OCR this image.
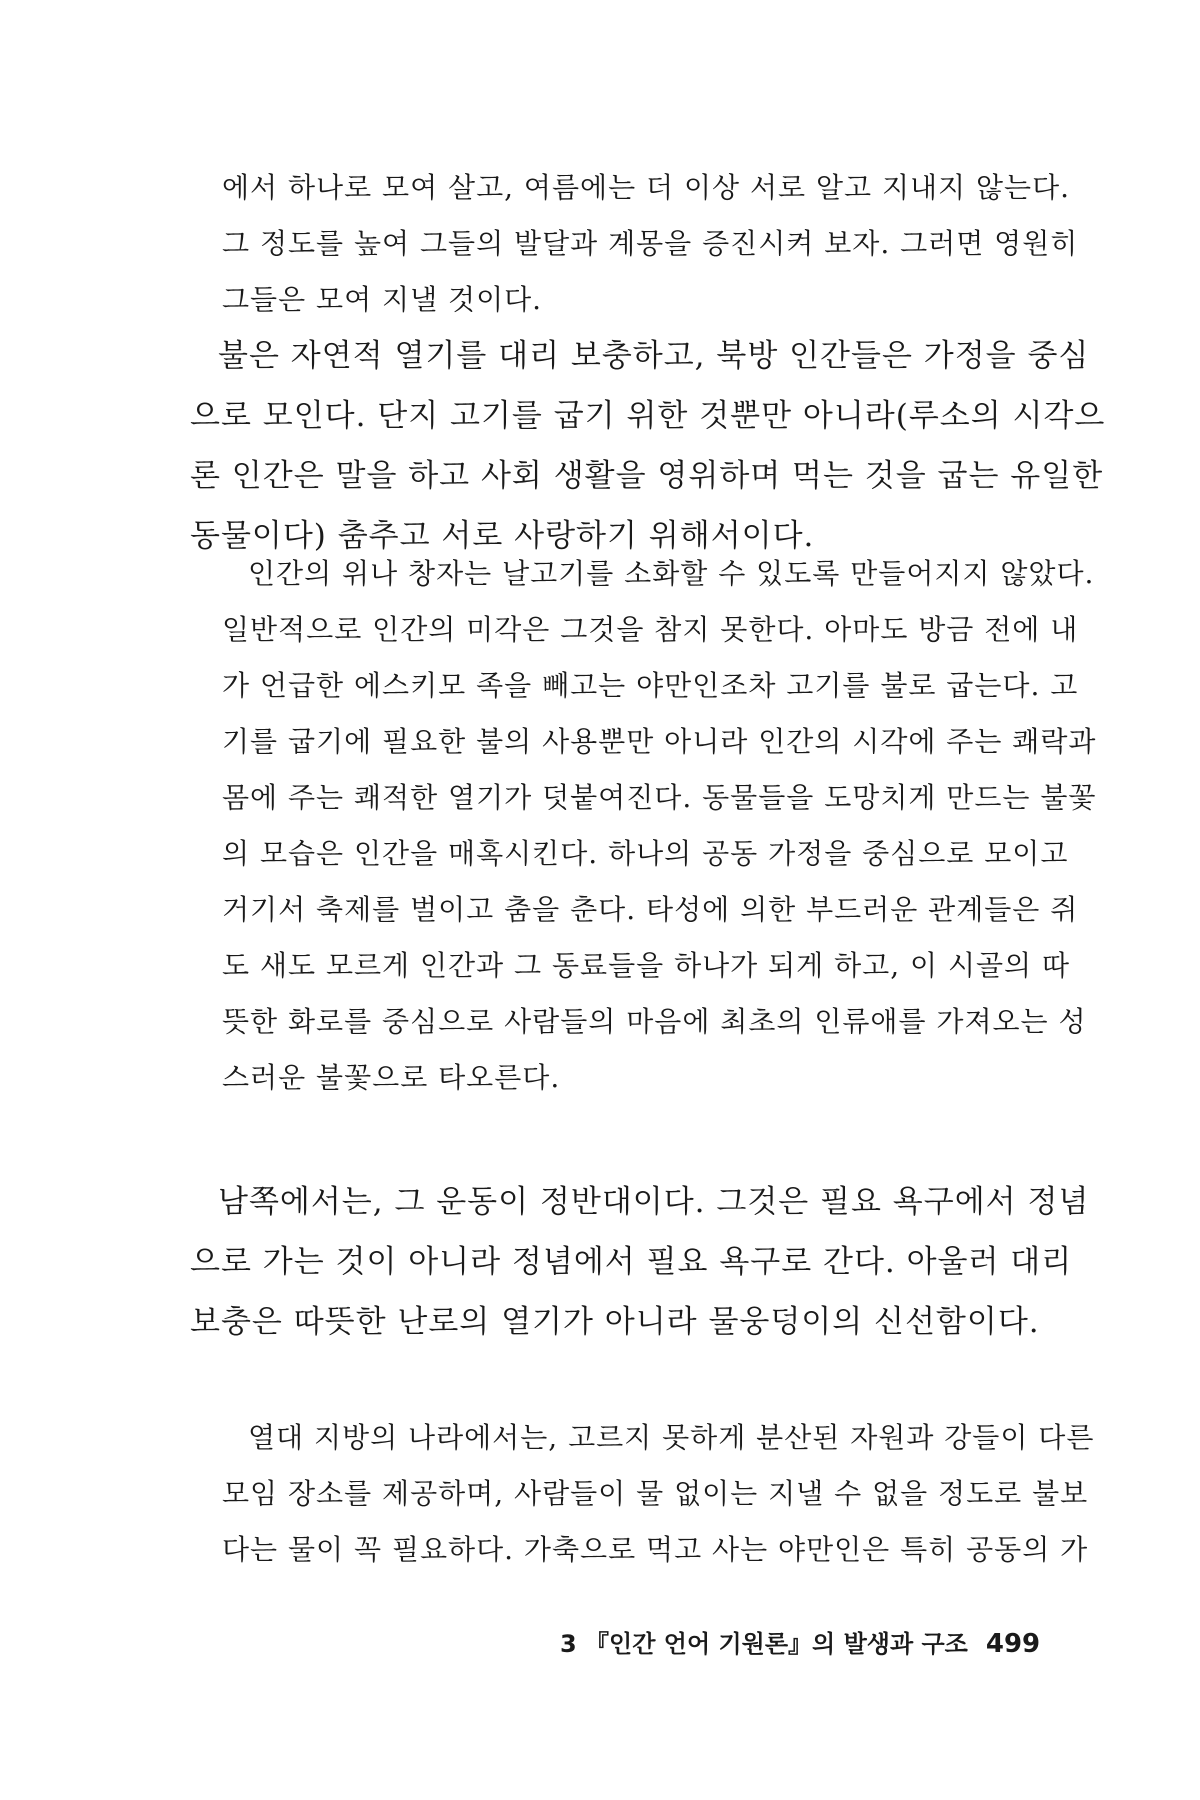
에서 하나로 모여 살고, 여름에는 더 이상 서로 알고 지내지 않는다.
그 정도를 높여 그들의 발달과 계몽을 증진시켜 보자. 그러면 영원히
그들은 모여 지낼 것이다.
불은 자연적 열기를 대리 보충하고, 북방 인간들은 가정을 중심
으로 모인다. 단지 고기를 굽기 위한 것뿐만 아니라(루소의 시각으
론 인간은 말을 하고 사회 생활을 영위하며 먹는 것을 굽는 유일한
동물이다) 춤추고 서로 사랑하기 위해서이다.
인간의 위나 창자는 날고기를 소화할 수 있도록 만들어지지 않았다.
일반적으로 인간의 미각은 그것을 참지 못한다. 아마도 방금 전에 내
가 언급한 에스키모 족을 빼고는 야만인조차 고기를 불로 굽는다. 고
기를 굽기에 필요한 불의 사용뿐만 아니라 인간의 시각에 주는 쾌락과
몸에 주는 쾌적한 열기가 덧붙여진다. 동물들을 도망치게 만드는 불꽃
의 모습은 인간을 매혹시킨다. 하나의 공동 가정을 중심으로 모이고
거기서 축제를 벌이고 춤을 춘다. 타성에 의한 부드러운 관계들은 쥐
도 새도 모르게 인간과 그 동료들을 하나가 되게 하고, 이 시골의 따
뜻한 화로를 중심으로 사람들의 마음에 최초의 인류애를 가져오는 성
스러운 불꽃으로 타오른다.
남쪽에서는, 그 운동이 정반대이다. 그것은 필요 욕구에서 정념
으로 가는 것이 아니라 정념에서 필요 욕구로 간다. 아울러 대리
보충은 따뜻한 난로의 열기가 아니라 물웅덩이의 신선함이다.
열대 지방의 나라에서는, 고르지 못하게 분산된 자원과 강들이 다른
모임 장소를 제공하며, 사람들이 물 없이는 지낼 수 없을 정도로 불보
다는 물이 꼭 필요하다. 가축으로 먹고 사는 야만인은 특히 공동의 가
3 『인간 언어 기원론』의 발생과 구조 499
